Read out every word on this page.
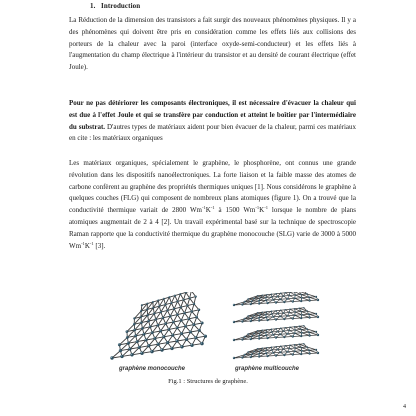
1. Introduction

La Réduction de la dimension des transistors a fait surgir des nouveaux phénomènes physiques. Il y a des phénomènes qui doivent être pris en considération comme les effets liés aux collisions des porteurs de la chaleur avec la paroi (interface oxyde-semi-conducteur) et les effets liés à l'augmentation du champ électrique à l'intérieur du transistor et au densité de courant électrique (effet Joule).

Pour ne pas détériorer les composants électroniques, il est nécessaire d'évacuer la chaleur qui est due à l'effet Joule et qui se transfère par conduction et atteint le boîtier par l'intermédiaire du substrat. D'autres types de matériaux aident pour bien évacuer de la chaleur, parmi ces matériaux en cite : les matériaux organiques

Les matériaux organiques, spécialement le graphène, le phosphorène, ont connus une grande révolution dans les dispositifs nanoélectroniques. La forte liaison et la faible masse des atomes de carbone confèrent au graphène des propriétés thermiques uniques [1]. Nous considérons le graphène à quelques couches (FLG) qui composent de nombreux plans atomiques (figure 1). On a trouvé que la conductivité thermique variait de 2800 $Wm^{-1}K^{-1}$ à 1500 $Wm^{-1}K^{-1}$ lorsque le nombre de plans atomiques augmentait de 2 à 4 [2]. Un travail expérimental basé sur la technique de spectroscopie Raman rapporte que la conductivité thermique du graphène monocouche (SLG) varie de 3000 à 5000 $Wm^{-1}K^{-1}$ [3].

graphène monocouche	graphène multicouche
Fig.1 : Structures de graphène.
4
